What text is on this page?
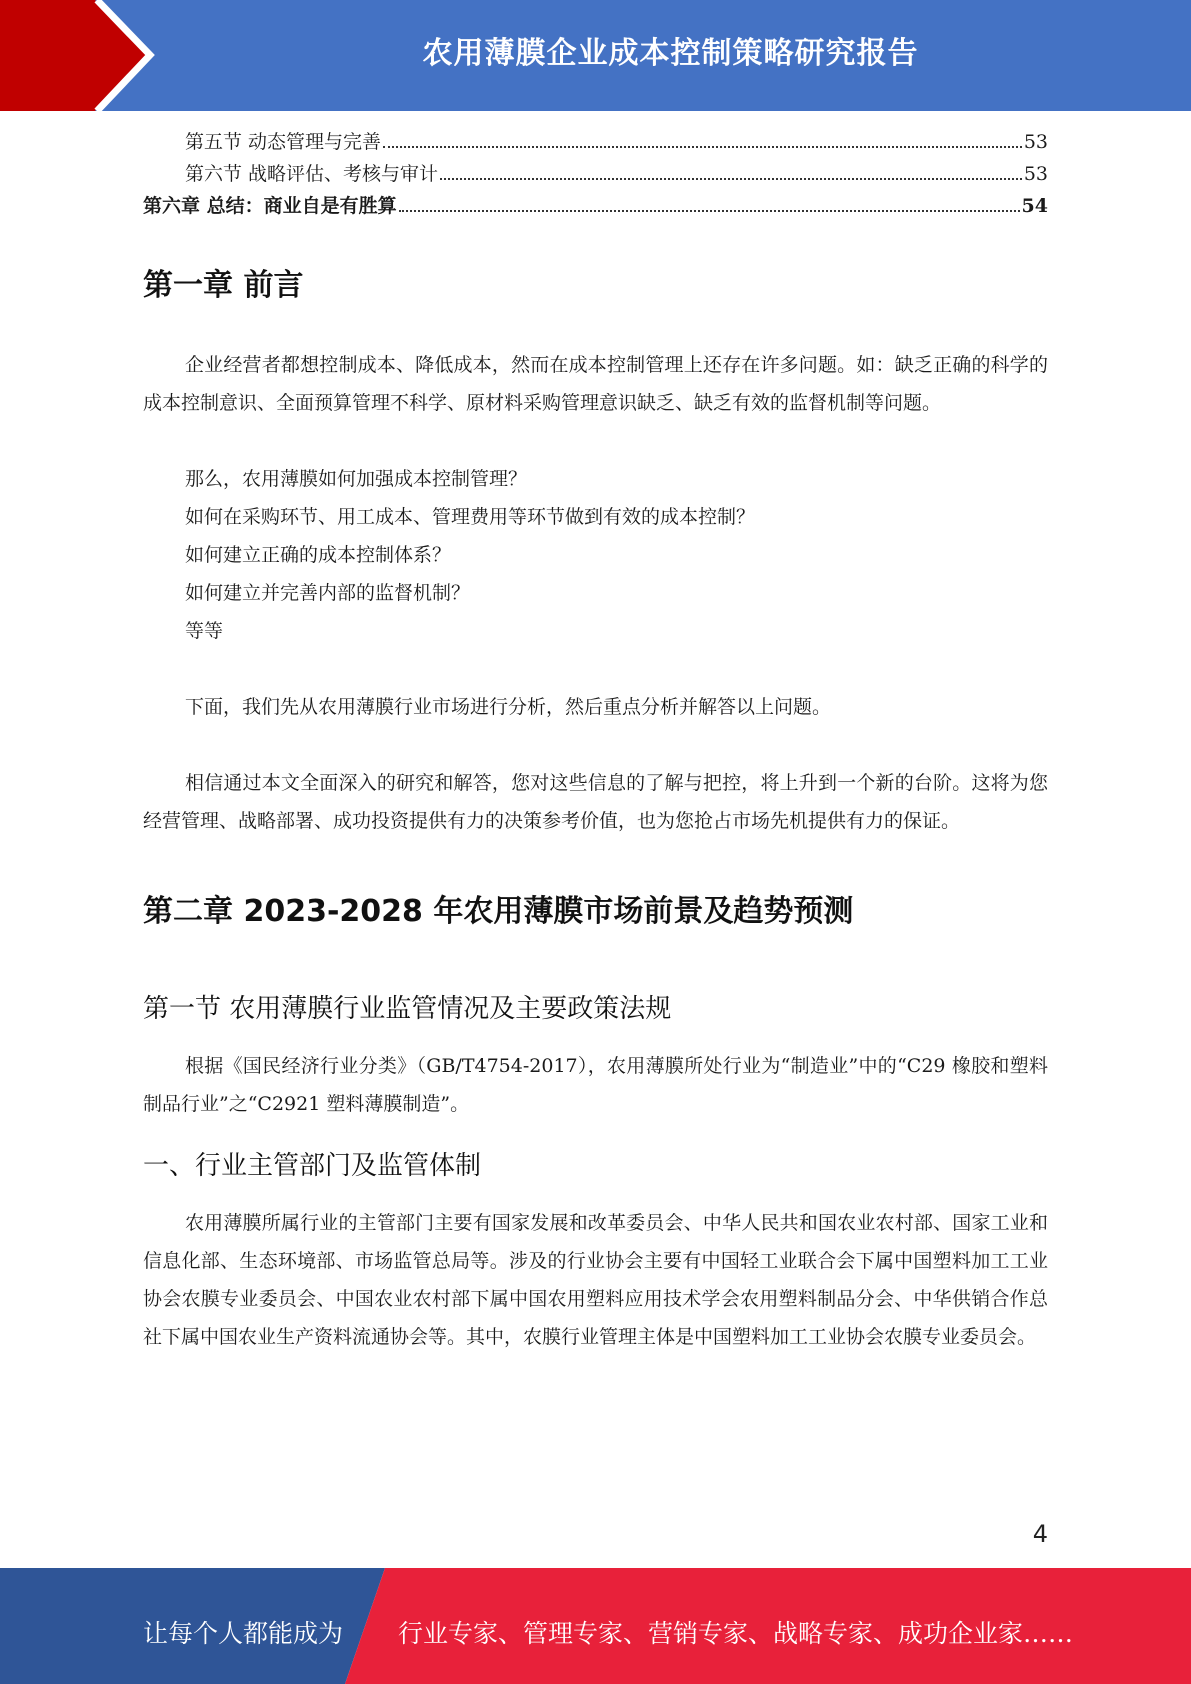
农用薄膜企业成本控制策略研究报告
第五节 动态管理与完善	53
第六节 战略评估、考核与审计	53
第六章 总结：商业自是有胜算	54
第一章 前言

企业经营者都想控制成本、降低成本，然而在成本控制管理上还存在许多问题。如：缺乏正确的科学的成本控制意识、全面预算管理不科学、原材料采购管理意识缺乏、缺乏有效的监督机制等问题。

那么，农用薄膜如何加强成本控制管理？

如何在采购环节、用工成本、管理费用等环节做到有效的成本控制？

如何建立正确的成本控制体系？

如何建立并完善内部的监督机制？

等等

下面，我们先从农用薄膜行业市场进行分析，然后重点分析并解答以上问题。

相信通过本文全面深入的研究和解答，您对这些信息的了解与把控，将上升到一个新的台阶。这将为您经营管理、战略部署、成功投资提供有力的决策参考价值，也为您抢占市场先机提供有力的保证。

第二章 2023-2028 年农用薄膜市场前景及趋势预测
第一节 农用薄膜行业监管情况及主要政策法规

根据《国民经济行业分类》（GB/T4754-2017），农用薄膜所处行业为“制造业”中的“C29 橡胶和塑料制品行业”之“C2921 塑料薄膜制造”。

一、行业主管部门及监管体制

农用薄膜所属行业的主管部门主要有国家发展和改革委员会、中华人民共和国农业农村部、国家工业和信息化部、生态环境部、市场监管总局等。涉及的行业协会主要有中国轻工业联合会下属中国塑料加工工业协会农膜专业委员会、中国农业农村部下属中国农用塑料应用技术学会农用塑料制品分会、中华供销合作总社下属中国农业生产资料流通协会等。其中，农膜行业管理主体是中国塑料加工工业协会农膜专业委员会。

4
让每个人都能成为 行业专家、管理专家、营销专家、战略专家、成功企业家……
